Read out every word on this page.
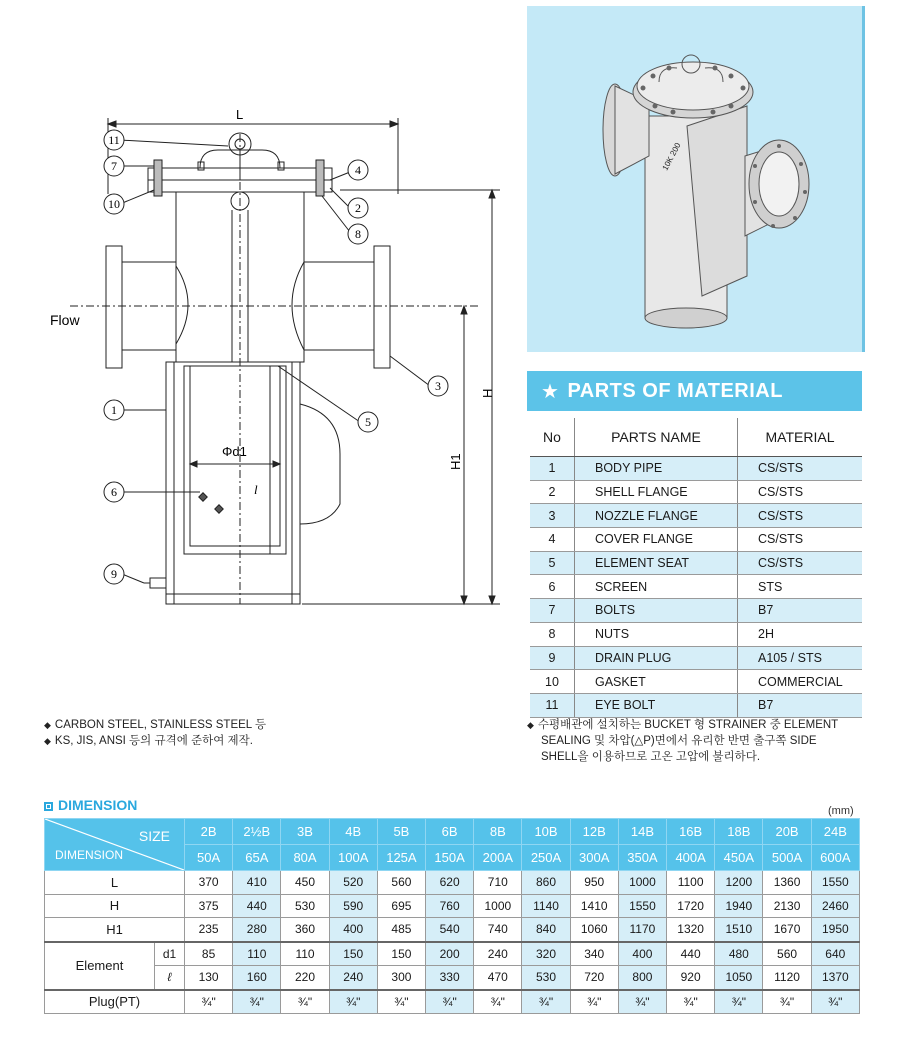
11
7
10
4
2
8
3
1
5
6
9
Flow
L
H
H1
Φd1
l
10K 200
★ PARTS OF MATERIAL
No	PARTS NAME	MATERIAL
1	BODY PIPE	CS/STS
2	SHELL FLANGE	CS/STS
3	NOZZLE FLANGE	CS/STS
4	COVER FLANGE	CS/STS
5	ELEMENT SEAT	CS/STS
6	SCREEN	STS
7	BOLTS	B7
8	NUTS	2H
9	DRAIN PLUG	A105 / STS
10	GASKET	COMMERCIAL
11	EYE BOLT	B7
◆ CARBON STEEL, STAINLESS STEEL 등
◆ KS, JIS, ANSI 등의 규격에 준하여 제작.
◆ 수평배관에 설치하는 BUCKET 형 STRAINER 중 ELEMENT
SEALING 및 차압(△P)면에서 유리한 반면 출구쪽 SIDE
SHELL을 이용하므로 고온 고압에 불리하다.
DIMENSION	(mm)
SIZE
DIMENSION		2B	2½B	3B	4B	5B	6B	8B	10B	12B	14B	16B	18B	20B	24B
		50A	65A	80A	100A	125A	150A	200A	250A	300A	350A	400A	450A	500A	600A
L		370	410	450	520	560	620	710	860	950	1000	1100	1200	1360	1550
H		375	440	530	590	695	760	1000	1140	1410	1550	1720	1940	2130	2460
H1		235	280	360	400	485	540	740	840	1060	1170	1320	1510	1670	1950
Element	d1	85	110	110	150	150	200	240	320	340	400	440	480	560	640
	ℓ	130	160	220	240	300	330	470	530	720	800	920	1050	1120	1370
Plug(PT)		¾"	¾"	¾"	¾"	¾"	¾"	¾"	¾"	¾"	¾"	¾"	¾"	¾"	¾"
